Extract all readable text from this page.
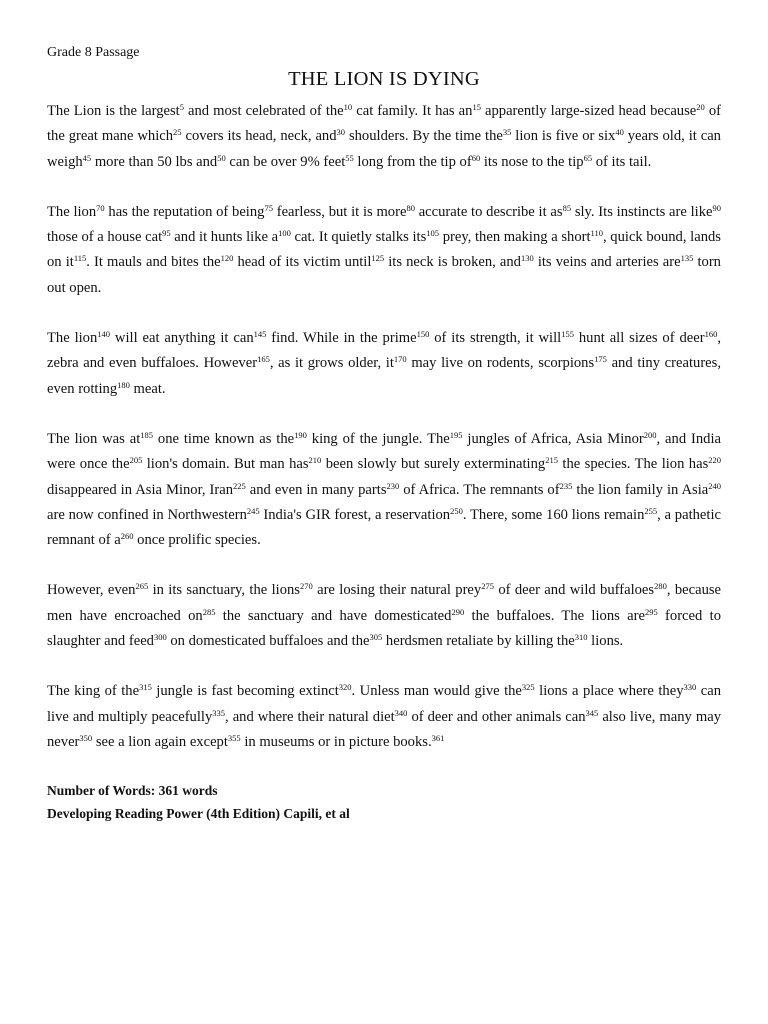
Grade 8 Passage
THE LION IS DYING

The Lion is the largest$^5$ and most celebrated of the$^{10}$ cat family. It has $an^{15}$ apparently large-sized head because$^{20}$ of the great mane which$^{25}$ covers its head, neck, and$^{30}$ shoulders. By the time the$^{35}$ lion is five or six$^{40}$ years old, it can weigh$^{45}$ more than 50 lbs and$^{50}$ can be over 9% feet$^{55}$ long from the tip $of^{60}$ its nose to the tip$^{65}$ of its tail.

The lion$^{70}$ has the reputation of being$^{75}$ fearless, but it is more$^{80}$ accurate to describe it $as^{85}$ sly. Its instincts are like$^{90}$ those of a house cat$^{95}$ and it hunts like $a^{100}$ cat. It quietly stalks its$^{105}$ prey, then making a short$^{110}$, quick bound, lands on $it^{115}$. It mauls and bites the$^{120}$ head of its victim until$^{125}$ its neck is broken, and$^{130}$ its veins and arteries are$^{135}$ torn out open.

The lion$^{140}$ will eat anything it can$^{145}$ find. While in the prime$^{150}$ of its strength, it will$^{155}$ hunt all sizes of deer$^{160}$, zebra and even buffaloes. However$^{165}$, as it grows older, $it^{170}$ may live on rodents, scorpions$^{175}$ and tiny creatures, even rotting$^{180}$ meat.

The lion was $at^{185}$ one time known as the$^{190}$ king of the jungle. The$^{195}$ jungles of Africa, Asia Minor$^{200}$, and India were once the$^{205}$ lion's domain. But man has$^{210}$ been slowly but surely exterminating$^{215}$ the species. The lion has$^{220}$ disappeared in Asia Minor, Iran$^{225}$ and even in many parts$^{230}$ of Africa. The remnants $of^{235}$ the lion family in Asia$^{240}$ are now confined in Northwestern$^{245}$ India's GIR forest, a reservation$^{250}$. There, some 160 lions remain$^{255}$, a pathetic remnant of $a^{260}$ once prolific species.

However, even$^{265}$ in its sanctuary, the lions$^{270}$ are losing their natural prey$^{275}$ of deer and wild buffaloes$^{280}$, because men have encroached $on^{285}$ the sanctuary and have domesticated$^{290}$ the buffaloes. The lions are$^{295}$ forced to slaughter and feed$^{300}$ on domesticated buffaloes and the$^{305}$ herdsmen retaliate by killing the$^{310}$ lions.

The king of the$^{315}$ jungle is fast becoming extinct$^{320}$. Unless man would give the$^{325}$ lions a place where they$^{330}$ can live and multiply peacefully$^{335}$, and where their natural diet$^{340}$ of deer and other animals can$^{345}$ also live, many may never$^{350}$ see a lion again except$^{355}$ in museums or in picture books.$^{361}$

Number of Words: 361 words

Developing Reading Power (4th Edition) Capili, et al
